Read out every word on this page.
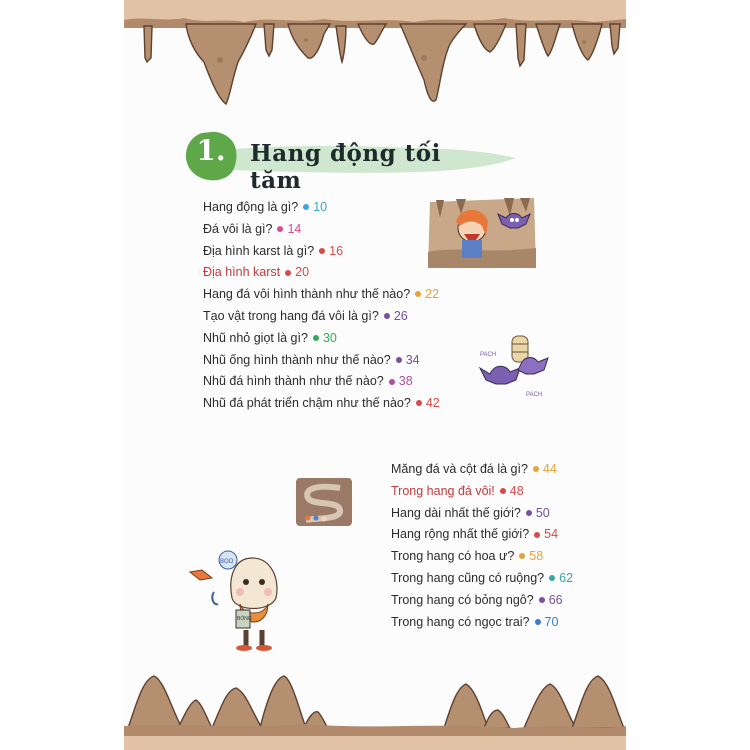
1.	Hang động tối tăm
Hang động là gì? 10
Đá vôi là gì? 14
Địa hình karst là gì? 16
Địa hình karst 20
Hang đá vôi hình thành như thế nào? 22
Tạo vật trong hang đá vôi là gì? 26
Nhũ nhỏ giọt là gì? 30
Nhũ ống hình thành như thế nào? 34
Nhũ đá hình thành như thế nào? 38
Nhũ đá phát triển chậm như thế nào? 42
Măng đá và cột đá là gì? 44
Trong hang đá vôi! 48
Hang dài nhất thế giới? 50
Hang rộng nhất thế giới? 54
Trong hang có hoa ư? 58
Trong hang cũng có ruộng? 62
Trong hang có bỏng ngô? 66
Trong hang có ngọc trai? 70
PACH
PACH
BOO
BÓNG
